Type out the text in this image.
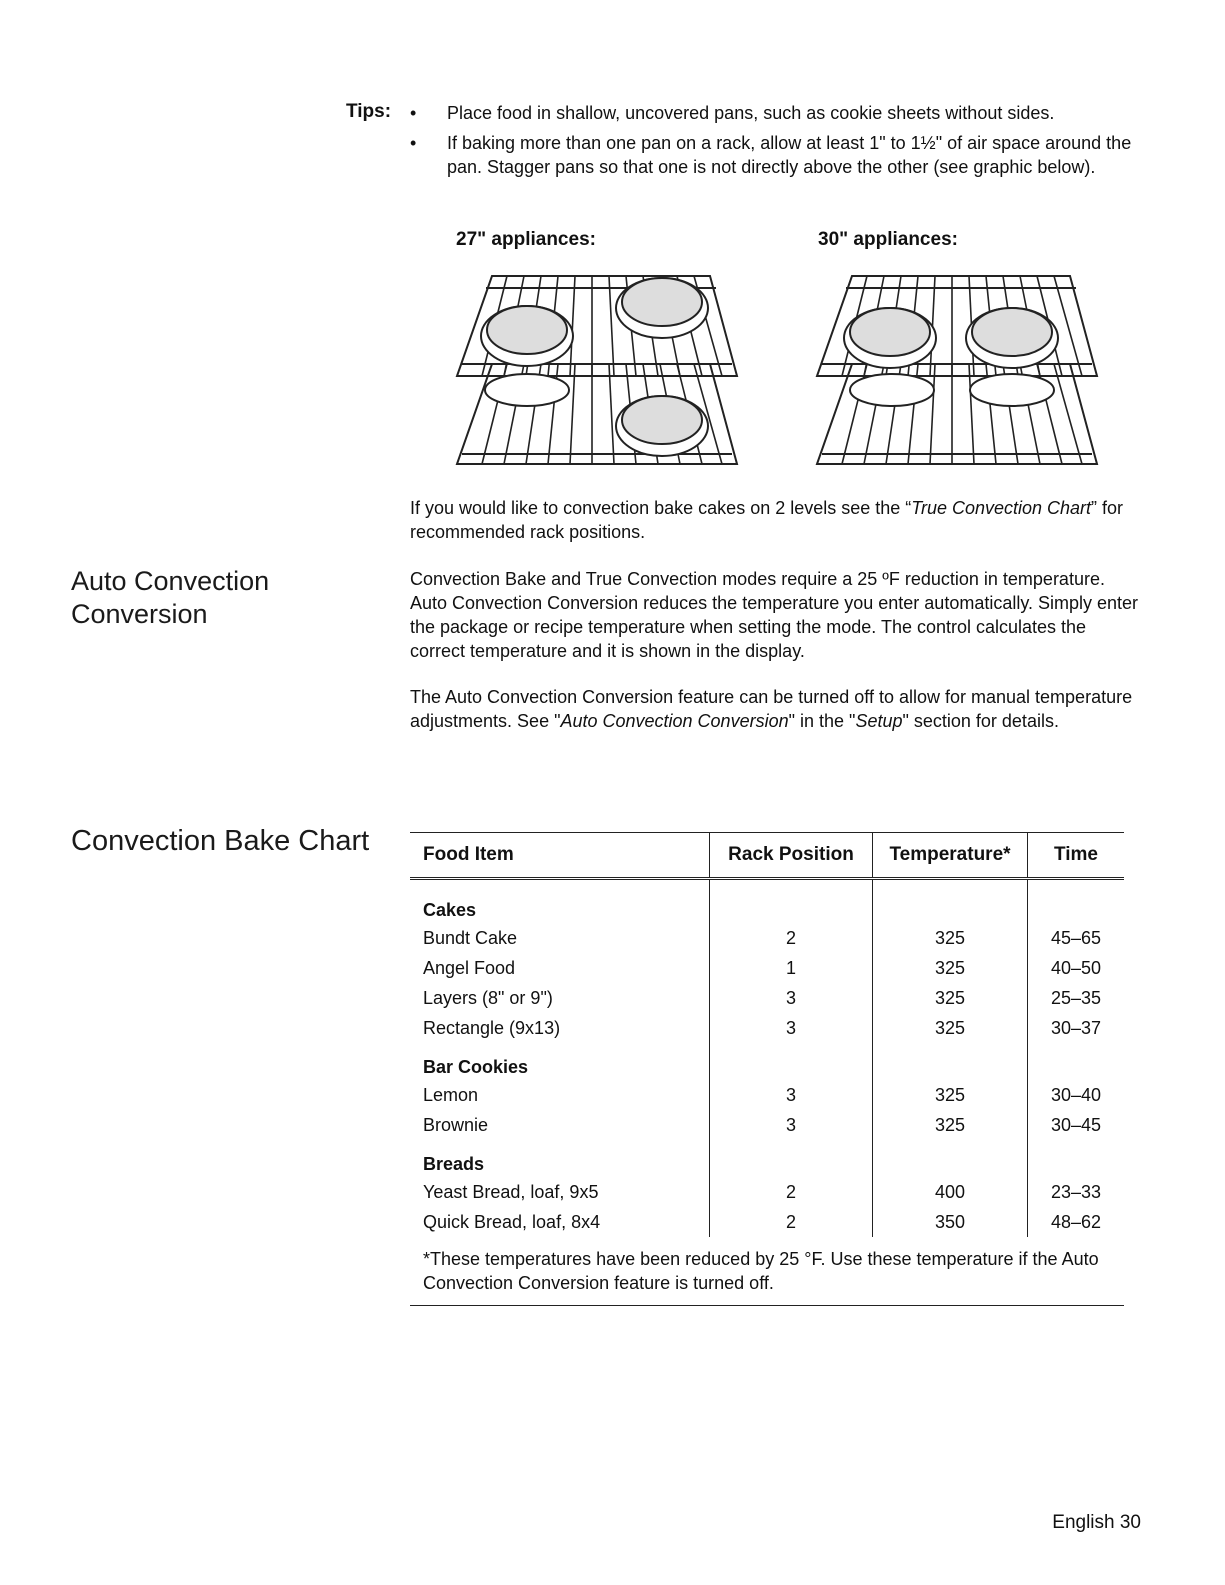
Tips: • Place food in shallow, uncovered pans, such as cookie sheets without sides.
• If baking more than one pan on a rack, allow at least 1" to 1½" of air space around the pan. Stagger pans so that one is not directly above the other (see graphic below).
27" appliances:	30" appliances:
If you would like to convection bake cakes on 2 levels see the “True Convection Chart” for recommended rack positions.
Auto Convection
Conversion
Convection Bake and True Convection modes require a 25 ºF reduction in temperature. Auto Convection Conversion reduces the temperature you enter automatically. Simply enter the package or recipe temperature when setting the mode. The control calculates the correct temperature and it is shown in the display.
The Auto Convection Conversion feature can be turned off to allow for manual temperature adjustments. See "Auto Convection Conversion" in the "Setup" section for details.
Convection Bake Chart	Food Item	Rack Position	Temperature*	Time

Cakes			
Bundt Cake	2	325	45–65
Angel Food	1	325	40–50
Layers (8" or 9")	3	325	25–35
Rectangle (9x13)	3	325	30–37
Bar Cookies			
Lemon	3	325	30–40
Brownie	3	325	30–45
Breads			
Yeast Bread, loaf, 9x5	2	400	23–33
Quick Bread, loaf, 8x4	2	350	48–62
*These temperatures have been reduced by 25 °F. Use these temperature if the Auto Convection Conversion feature is turned off.			
English 30
